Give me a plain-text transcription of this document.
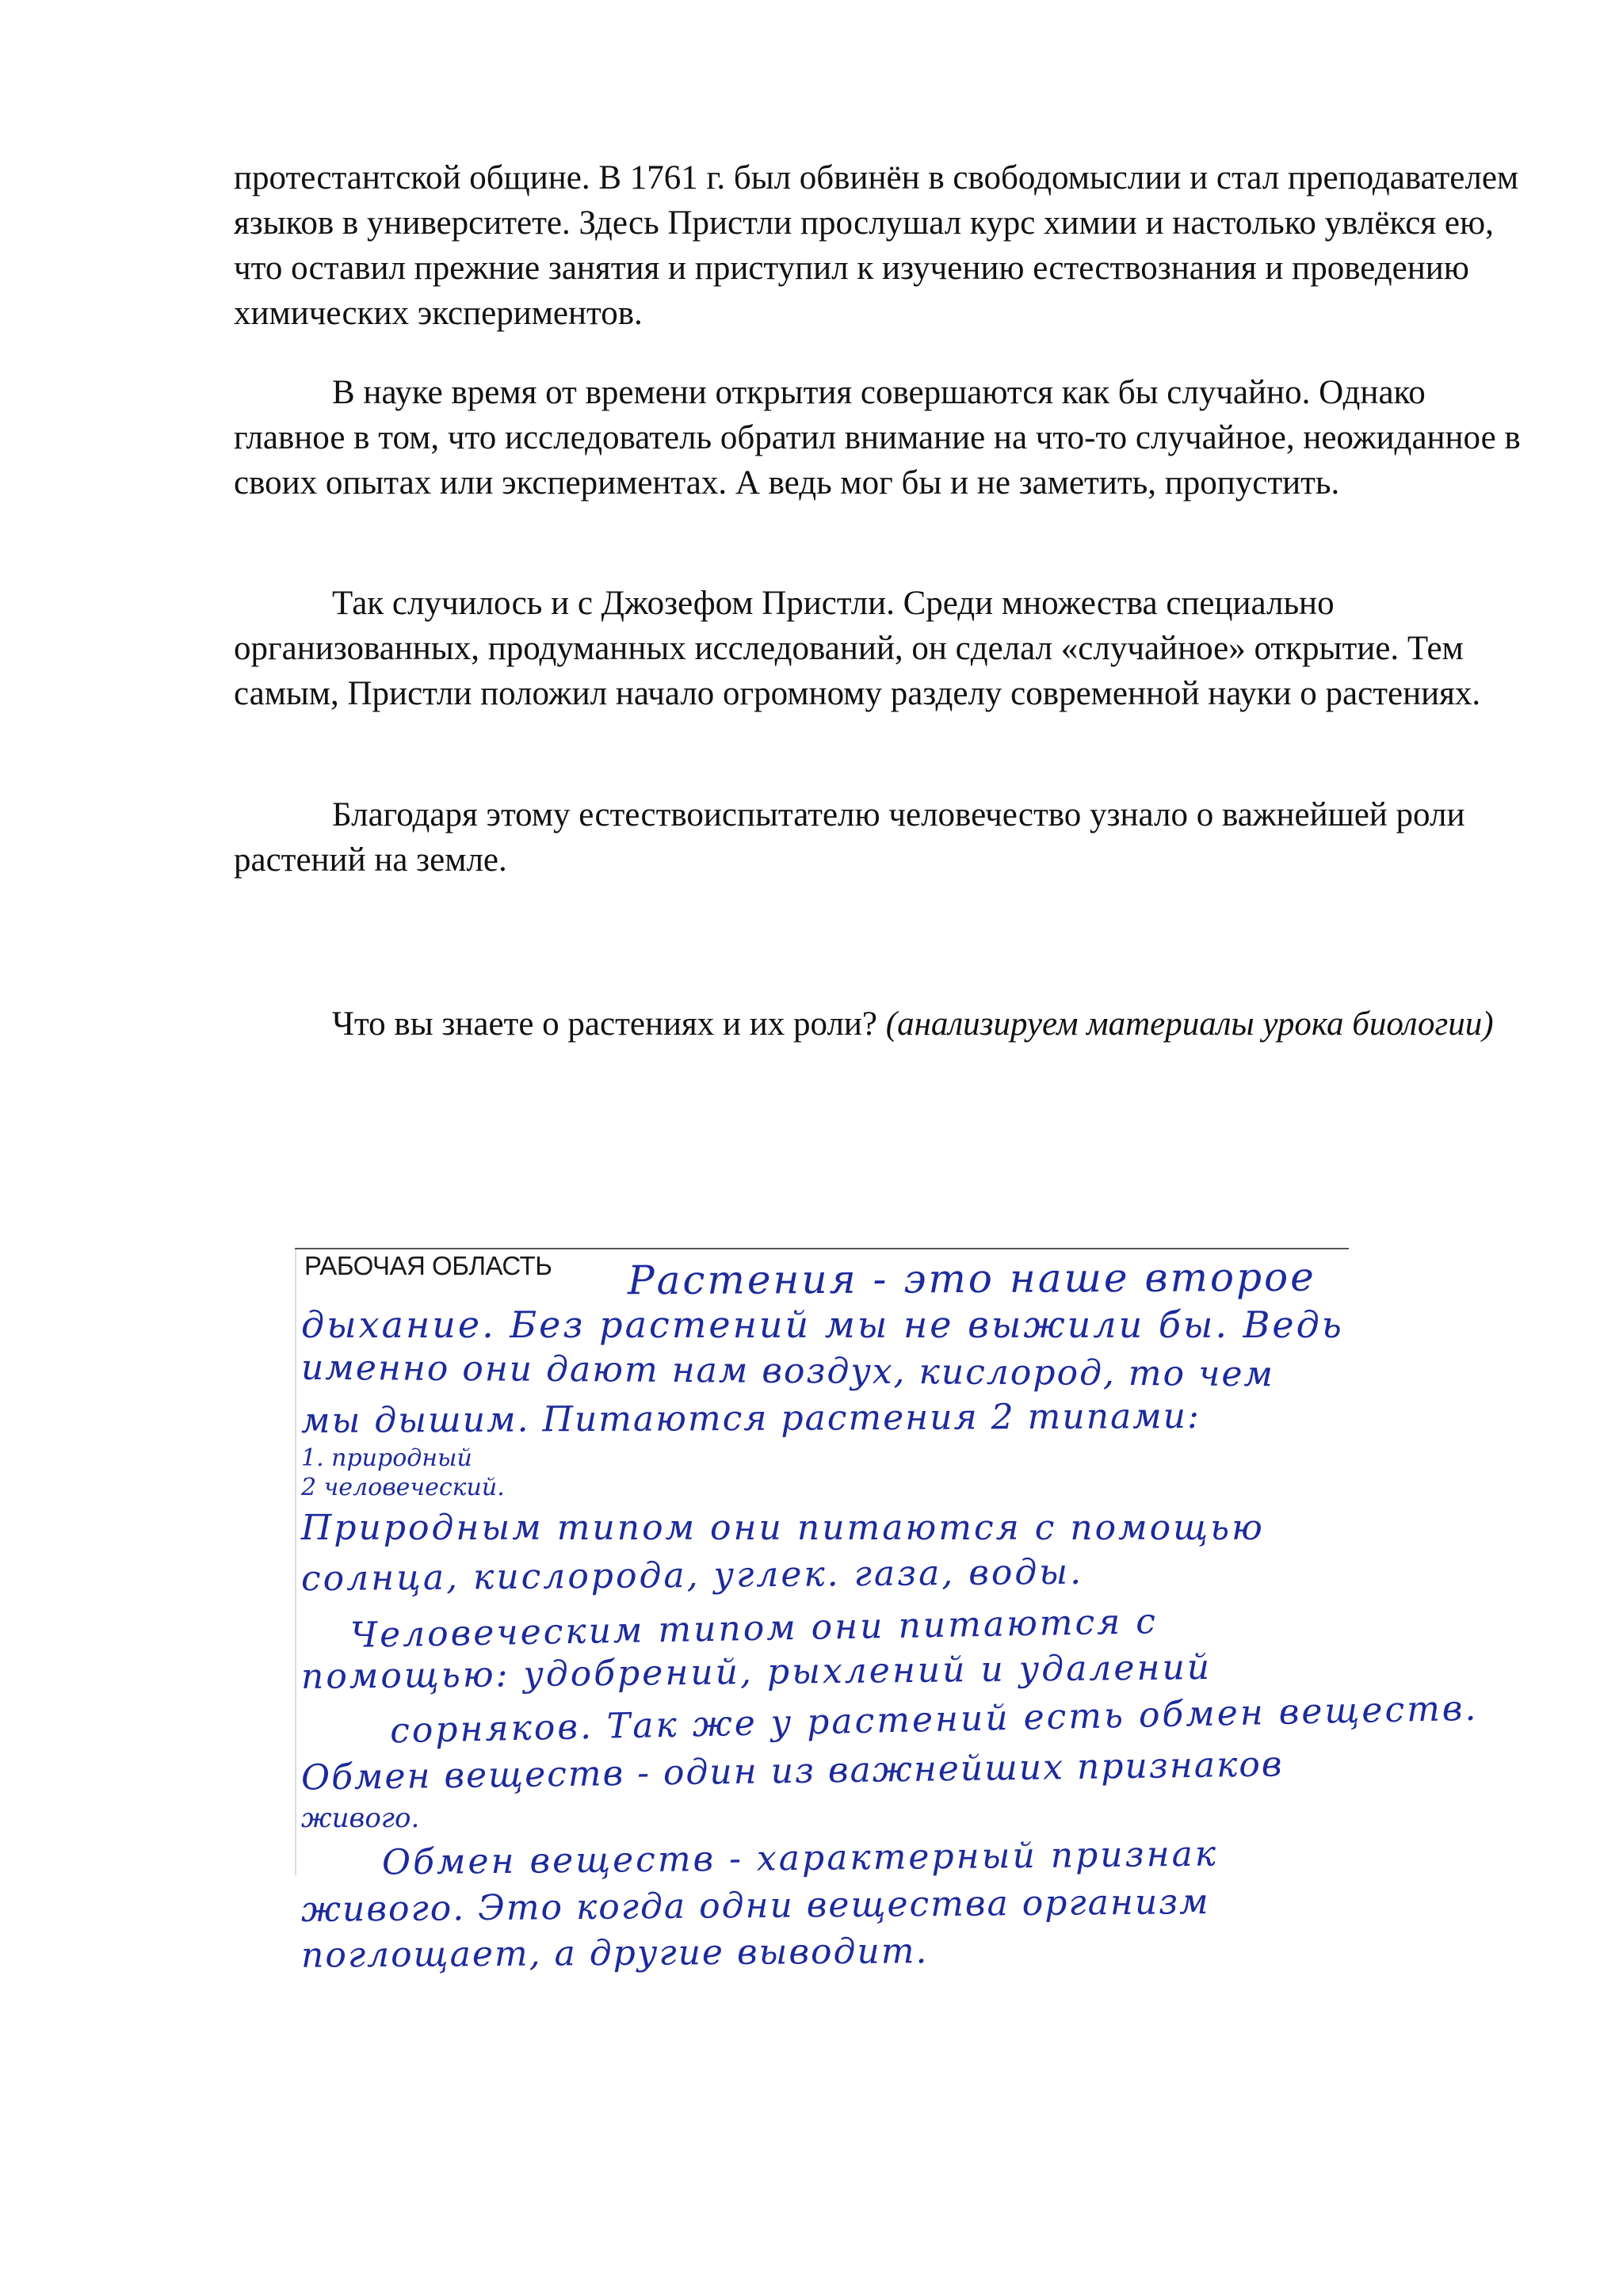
протестантской общине. В 1761 г. был обвинён в свободомыслии и стал преподавателем языков в университете. Здесь Пристли прослушал курс химии и настолько увлёкся ею, что оставил прежние занятия и приступил к изучению естествознания и проведению химических экспериментов.

В науке время от времени открытия совершаются как бы случайно. Однако главное в том, что исследователь обратил внимание на что-то случайное, неожиданное в своих опытах или экспериментах. А ведь мог бы и не заметить, пропустить.

Так случилось и с Джозефом Пристли. Среди множества специально организованных, продуманных исследований, он сделал «случайное» открытие. Тем самым, Пристли положил начало огромному разделу современной науки о растениях.

Благодаря этому естествоиспытателю человечество узнало о важнейшей роли растений на земле.

Что вы знаете о растениях и их роли? (анализируем материалы урока биологии)

РАБОЧАЯ ОБЛАСТЬ Растения - это наше второе

дыхание. Без растений мы не выжили бы. Ведь

именно они дают нам воздух, кислород, то чем

мы дышим. Питаются растения 2 типами:

1. природный

2 человеческий.

Природным типом они питаются с помощью

солнца, кислорода, углек. газа, воды.

Человеческим типом они питаются с

помощью: удобрений, рыхлений и удалений

сорняков. Так же у растений есть обмен веществ.

Обмен веществ - один из важнейших признаков

живого.

Обмен веществ - характерный признак

живого. Это когда одни вещества организм

поглощает, а другие выводит.
